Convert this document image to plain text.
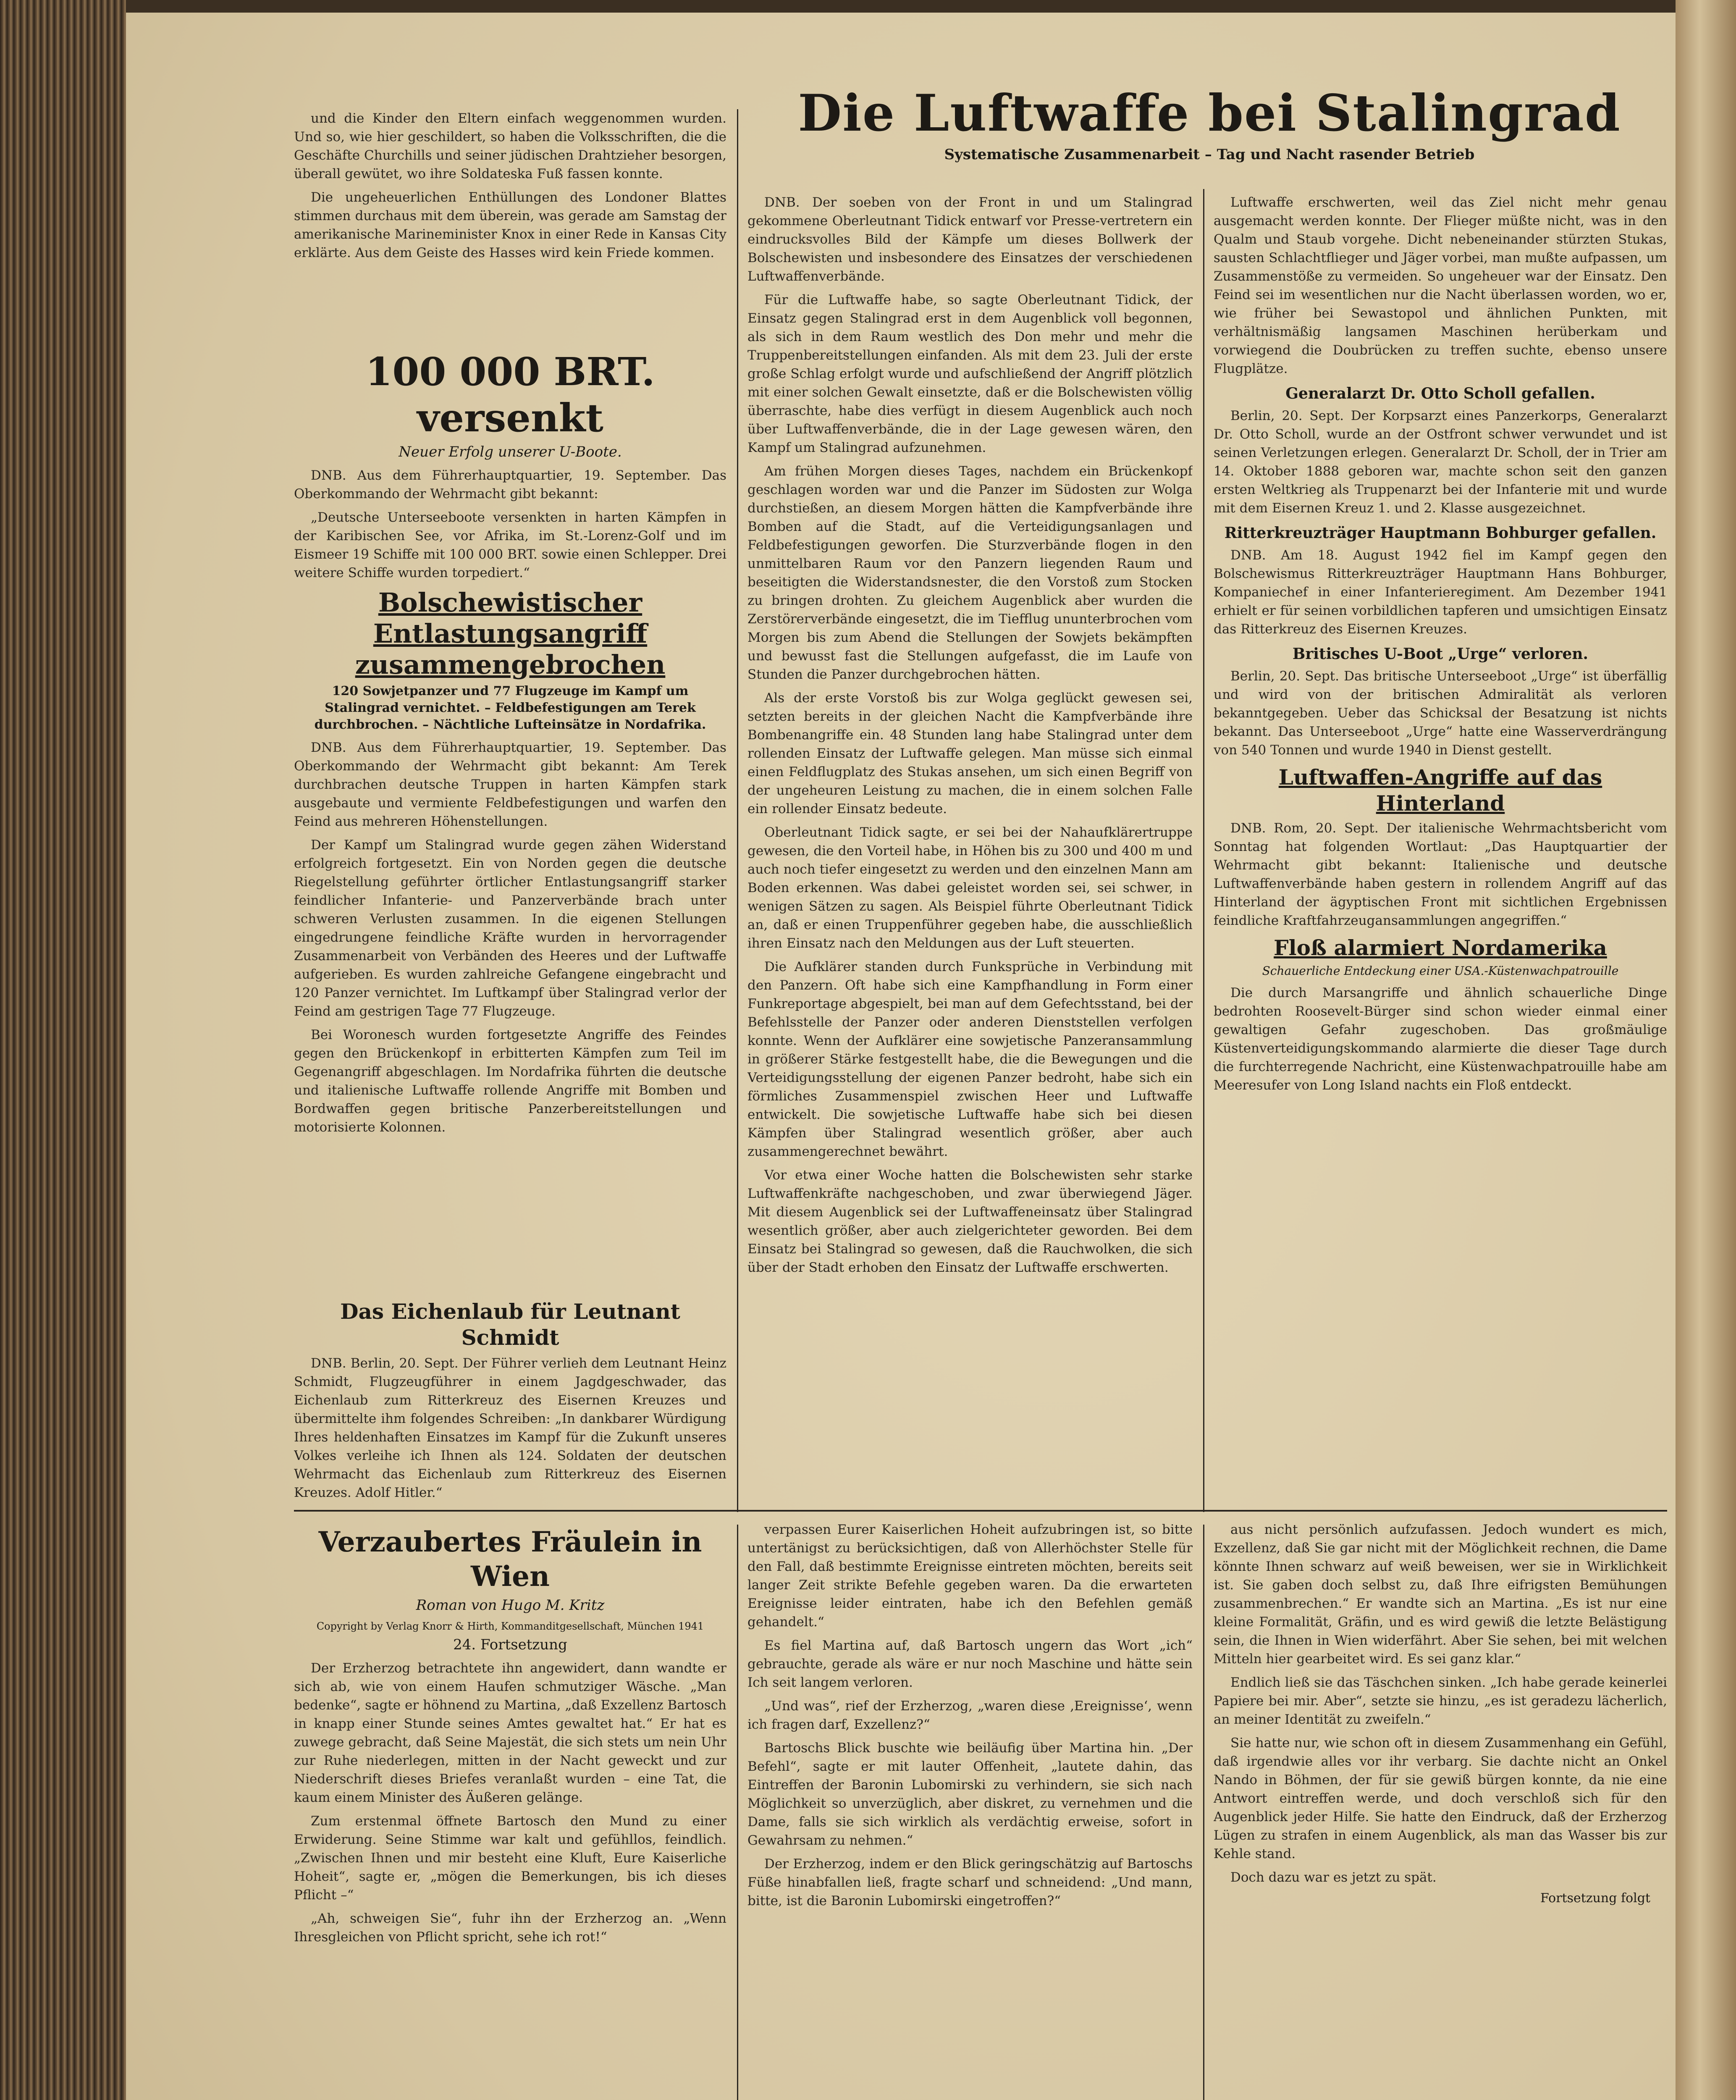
Die Luftwaffe bei Stalingrad
Systematische Zusammenarbeit – Tag und Nacht rasender Betrieb

und die Kinder den Eltern einfach weggenommen wurden. Und so, wie hier geschildert, so haben die Volksschriften, die die Geschäfte Churchills und seiner jüdischen Drahtzieher besorgen, überall gewütet, wo ihre Soldateska Fuß fassen konnte.

Die ungeheuerlichen Enthüllungen des Londoner Blattes stimmen durchaus mit dem überein, was gerade am Samstag der amerikanische Marineminister Knox in einer Rede in Kansas City erklärte. Aus dem Geiste des Hasses wird kein Friede kommen.

100 000 BRT. versenkt
Neuer Erfolg unserer U-Boote.

DNB. Aus dem Führerhauptquartier, 19. September. Das Oberkommando der Wehrmacht gibt bekannt:

„Deutsche Unterseeboote versenkten in harten Kämpfen in der Karibischen See, vor Afrika, im St.-Lorenz-Golf und im Eismeer 19 Schiffe mit 100 000 BRT. sowie einen Schlepper. Drei weitere Schiffe wurden torpediert.“

Bolschewistischer Entlastungsangriff zusammengebrochen
120 Sowjetpanzer und 77 Flugzeuge im Kampf um Stalingrad vernichtet. – Feldbefestigungen am Terek durchbrochen. – Nächtliche Lufteinsätze in Nordafrika.

DNB. Aus dem Führerhauptquartier, 19. September. Das Oberkommando der Wehrmacht gibt bekannt: Am Terek durchbrachen deutsche Truppen in harten Kämpfen stark ausgebaute und vermiente Feldbefestigungen und warfen den Feind aus mehreren Höhenstellungen.

Der Kampf um Stalingrad wurde gegen zähen Widerstand erfolgreich fortgesetzt. Ein von Norden gegen die deutsche Riegelstellung geführter örtlicher Entlastungsangriff starker feindlicher Infanterie- und Panzerverbände brach unter schweren Verlusten zusammen. In die eigenen Stellungen eingedrungene feindliche Kräfte wurden in hervorragender Zusammenarbeit von Verbänden des Heeres und der Luftwaffe aufgerieben. Es wurden zahlreiche Gefangene eingebracht und 120 Panzer vernichtet. Im Luftkampf über Stalingrad verlor der Feind am gestrigen Tage 77 Flugzeuge.

Bei Woronesch wurden fortgesetzte Angriffe des Feindes gegen den Brückenkopf in erbitterten Kämpfen zum Teil im Gegenangriff abgeschlagen. Im Nordafrika führten die deutsche und italienische Luftwaffe rollende Angriffe mit Bomben und Bordwaffen gegen britische Panzerbereitstellungen und motorisierte Kolonnen.

Das Eichenlaub für Leutnant Schmidt

DNB. Berlin, 20. Sept. Der Führer verlieh dem Leutnant Heinz Schmidt, Flugzeugführer in einem Jagdgeschwader, das Eichenlaub zum Ritterkreuz des Eisernen Kreuzes und übermittelte ihm folgendes Schreiben: „In dankbarer Würdigung Ihres heldenhaften Einsatzes im Kampf für die Zukunft unseres Volkes verleihe ich Ihnen als 124. Soldaten der deutschen Wehrmacht das Eichenlaub zum Ritterkreuz des Eisernen Kreuzes. Adolf Hitler.“

DNB. Der soeben von der Front in und um Stalingrad gekommene Oberleutnant Tidick entwarf vor Presse-vertretern ein eindrucksvolles Bild der Kämpfe um dieses Bollwerk der Bolschewisten und insbesondere des Einsatzes der verschiedenen Luftwaffenverbände.

Für die Luftwaffe habe, so sagte Oberleutnant Tidick, der Einsatz gegen Stalingrad erst in dem Augenblick voll begonnen, als sich in dem Raum westlich des Don mehr und mehr die Truppenbereitstellungen einfanden. Als mit dem 23. Juli der erste große Schlag erfolgt wurde und aufschließend der Angriff plötzlich mit einer solchen Gewalt einsetzte, daß er die Bolschewisten völlig überraschte, habe dies verfügt in diesem Augenblick auch noch über Luftwaffenverbände, die in der Lage gewesen wären, den Kampf um Stalingrad aufzunehmen.

Am frühen Morgen dieses Tages, nachdem ein Brückenkopf geschlagen worden war und die Panzer im Südosten zur Wolga durchstießen, an diesem Morgen hätten die Kampfverbände ihre Bomben auf die Stadt, auf die Verteidigungsanlagen und Feldbefestigungen geworfen. Die Sturzverbände flogen in den unmittelbaren Raum vor den Panzern liegenden Raum und beseitigten die Widerstandsnester, die den Vorstoß zum Stocken zu bringen drohten. Zu gleichem Augenblick aber wurden die Zerstörerverbände eingesetzt, die im Tiefflug ununterbrochen vom Morgen bis zum Abend die Stellungen der Sowjets bekämpften und bewusst fast die Stellungen aufgefasst, die im Laufe von Stunden die Panzer durchgebrochen hätten.

Als der erste Vorstoß bis zur Wolga geglückt gewesen sei, setzten bereits in der gleichen Nacht die Kampfverbände ihre Bombenangriffe ein. 48 Stunden lang habe Stalingrad unter dem rollenden Einsatz der Luftwaffe gelegen. Man müsse sich einmal einen Feldflugplatz des Stukas ansehen, um sich einen Begriff von der ungeheuren Leistung zu machen, die in einem solchen Falle ein rollender Einsatz bedeute.

Oberleutnant Tidick sagte, er sei bei der Nahaufklärertruppe gewesen, die den Vorteil habe, in Höhen bis zu 300 und 400 m und auch noch tiefer eingesetzt zu werden und den einzelnen Mann am Boden erkennen. Was dabei geleistet worden sei, sei schwer, in wenigen Sätzen zu sagen. Als Beispiel führte Oberleutnant Tidick an, daß er einen Truppenführer gegeben habe, die ausschließlich ihren Einsatz nach den Meldungen aus der Luft steuerten.

Die Aufklärer standen durch Funksprüche in Verbindung mit den Panzern. Oft habe sich eine Kampfhandlung in Form einer Funkreportage abgespielt, bei man auf dem Gefechtsstand, bei der Befehlsstelle der Panzer oder anderen Dienststellen verfolgen konnte. Wenn der Aufklärer eine sowjetische Panzeransammlung in größerer Stärke festgestellt habe, die die Bewegungen und die Verteidigungsstellung der eigenen Panzer bedroht, habe sich ein förmliches Zusammenspiel zwischen Heer und Luftwaffe entwickelt. Die sowjetische Luftwaffe habe sich bei diesen Kämpfen über Stalingrad wesentlich größer, aber auch zusammengerechnet bewährt.

Vor etwa einer Woche hatten die Bolschewisten sehr starke Luftwaffenkräfte nachgeschoben, und zwar überwiegend Jäger. Mit diesem Augenblick sei der Luftwaffeneinsatz über Stalingrad wesentlich größer, aber auch zielgerichteter geworden. Bei dem Einsatz bei Stalingrad so gewesen, daß die Rauchwolken, die sich über der Stadt erhoben den Einsatz der Luftwaffe erschwerten.

Luftwaffe erschwerten, weil das Ziel nicht mehr genau ausgemacht werden konnte. Der Flieger müßte nicht, was in den Qualm und Staub vorgehe. Dicht nebeneinander stürzten Stukas, sausten Schlachtflieger und Jäger vorbei, man mußte aufpassen, um Zusammenstöße zu vermeiden. So ungeheuer war der Einsatz. Den Feind sei im wesentlichen nur die Nacht überlassen worden, wo er, wie früher bei Sewastopol und ähnlichen Punkten, mit verhältnismäßig langsamen Maschinen herüberkam und vorwiegend die Doubrücken zu treffen suchte, ebenso unsere Flugplätze.

Generalarzt Dr. Otto Scholl gefallen.

Berlin, 20. Sept. Der Korpsarzt eines Panzerkorps, Generalarzt Dr. Otto Scholl, wurde an der Ostfront schwer verwundet und ist seinen Verletzungen erlegen. Generalarzt Dr. Scholl, der in Trier am 14. Oktober 1888 geboren war, machte schon seit den ganzen ersten Weltkrieg als Truppenarzt bei der Infanterie mit und wurde mit dem Eisernen Kreuz 1. und 2. Klasse ausgezeichnet.

Ritterkreuzträger Hauptmann Bohburger gefallen.

DNB. Am 18. August 1942 fiel im Kampf gegen den Bolschewismus Ritterkreuzträger Hauptmann Hans Bohburger, Kompaniechef in einer Infanterieregiment. Am Dezember 1941 erhielt er für seinen vorbildlichen tapferen und umsichtigen Einsatz das Ritterkreuz des Eisernen Kreuzes.

Britisches U-Boot „Urge“ verloren.

Berlin, 20. Sept. Das britische Unterseeboot „Urge“ ist überfällig und wird von der britischen Admiralität als verloren bekanntgegeben. Ueber das Schicksal der Besatzung ist nichts bekannt. Das Unterseeboot „Urge“ hatte eine Wasserverdrängung von 540 Tonnen und wurde 1940 in Dienst gestellt.

Luftwaffen-Angriffe auf das Hinterland

DNB. Rom, 20. Sept. Der italienische Wehrmachtsbericht vom Sonntag hat folgenden Wortlaut: „Das Hauptquartier der Wehrmacht gibt bekannt: Italienische und deutsche Luftwaffenverbände haben gestern in rollendem Angriff auf das Hinterland der ägyptischen Front mit sichtlichen Ergebnissen feindliche Kraftfahrzeugansammlungen angegriffen.“

Floß alarmiert Nordamerika
Schauerliche Entdeckung einer USA.-Küstenwachpatrouille

Die durch Marsangriffe und ähnlich schauerliche Dinge bedrohten Roosevelt-Bürger sind schon wieder einmal einer gewaltigen Gefahr zugeschoben. Das großmäulige Küstenverteidigungskommando alarmierte die dieser Tage durch die furchterregende Nachricht, eine Küstenwachpatrouille habe am Meeresufer von Long Island nachts ein Floß entdeckt.

Verzaubertes Fräulein in Wien
Roman von Hugo M. Kritz
Copyright by Verlag Knorr & Hirth, Kommanditgesellschaft, München 1941
24. Fortsetzung

Der Erzherzog betrachtete ihn angewidert, dann wandte er sich ab, wie von einem Haufen schmutziger Wäsche. „Man bedenke“, sagte er höhnend zu Martina, „daß Exzellenz Bartosch in knapp einer Stunde seines Amtes gewaltet hat.“ Er hat es zuwege gebracht, daß Seine Majestät, die sich stets um nein Uhr zur Ruhe niederlegen, mitten in der Nacht geweckt und zur Niederschrift dieses Briefes veranlaßt wurden – eine Tat, die kaum einem Minister des Äußeren gelänge.

Zum erstenmal öffnete Bartosch den Mund zu einer Erwiderung. Seine Stimme war kalt und gefühllos, feindlich. „Zwischen Ihnen und mir besteht eine Kluft, Eure Kaiserliche Hoheit“, sagte er, „mögen die Bemerkungen, bis ich dieses Pflicht –“

„Ah, schweigen Sie“, fuhr ihn der Erzherzog an. „Wenn Ihresgleichen von Pflicht spricht, sehe ich rot!“

verpassen Eurer Kaiserlichen Hoheit aufzubringen ist, so bitte untertänigst zu berücksichtigen, daß von Allerhöchster Stelle für den Fall, daß bestimmte Ereignisse eintreten möchten, bereits seit langer Zeit strikte Befehle gegeben waren. Da die erwarteten Ereignisse leider eintraten, habe ich den Befehlen gemäß gehandelt.“

Es fiel Martina auf, daß Bartosch ungern das Wort „ich“ gebrauchte, gerade als wäre er nur noch Maschine und hätte sein Ich seit langem verloren.

„Und was“, rief der Erzherzog, „waren diese ‚Ereignisse‘, wenn ich fragen darf, Exzellenz?“

Bartoschs Blick buschte wie beiläufig über Martina hin. „Der Befehl“, sagte er mit lauter Offenheit, „lautete dahin, das Eintreffen der Baronin Lubomirski zu verhindern, sie sich nach Möglichkeit so unverzüglich, aber diskret, zu vernehmen und die Dame, falls sie sich wirklich als verdächtig erweise, sofort in Gewahrsam zu nehmen.“

Der Erzherzog, indem er den Blick geringschätzig auf Bartoschs Füße hinabfallen ließ, fragte scharf und schneidend: „Und mann, bitte, ist die Baronin Lubomirski eingetroffen?“

aus nicht persönlich aufzufassen. Jedoch wundert es mich, Exzellenz, daß Sie gar nicht mit der Möglichkeit rechnen, die Dame könnte Ihnen schwarz auf weiß beweisen, wer sie in Wirklichkeit ist. Sie gaben doch selbst zu, daß Ihre eifrigsten Bemühungen zusammenbrechen.“ Er wandte sich an Martina. „Es ist nur eine kleine Formalität, Gräfin, und es wird gewiß die letzte Belästigung sein, die Ihnen in Wien widerfährt. Aber Sie sehen, bei mit welchen Mitteln hier gearbeitet wird. Es sei ganz klar.“

Endlich ließ sie das Täschchen sinken. „Ich habe gerade keinerlei Papiere bei mir. Aber“, setzte sie hinzu, „es ist geradezu lächerlich, an meiner Identität zu zweifeln.“

Sie hatte nur, wie schon oft in diesem Zusammenhang ein Gefühl, daß irgendwie alles vor ihr verbarg. Sie dachte nicht an Onkel Nando in Böhmen, der für sie gewiß bürgen konnte, da nie eine Antwort eintreffen werde, und doch verschloß sich für den Augenblick jeder Hilfe. Sie hatte den Eindruck, daß der Erzherzog Lügen zu strafen in einem Augenblick, als man das Wasser bis zur Kehle stand.

Doch dazu war es jetzt zu spät.

Fortsetzung folgt
